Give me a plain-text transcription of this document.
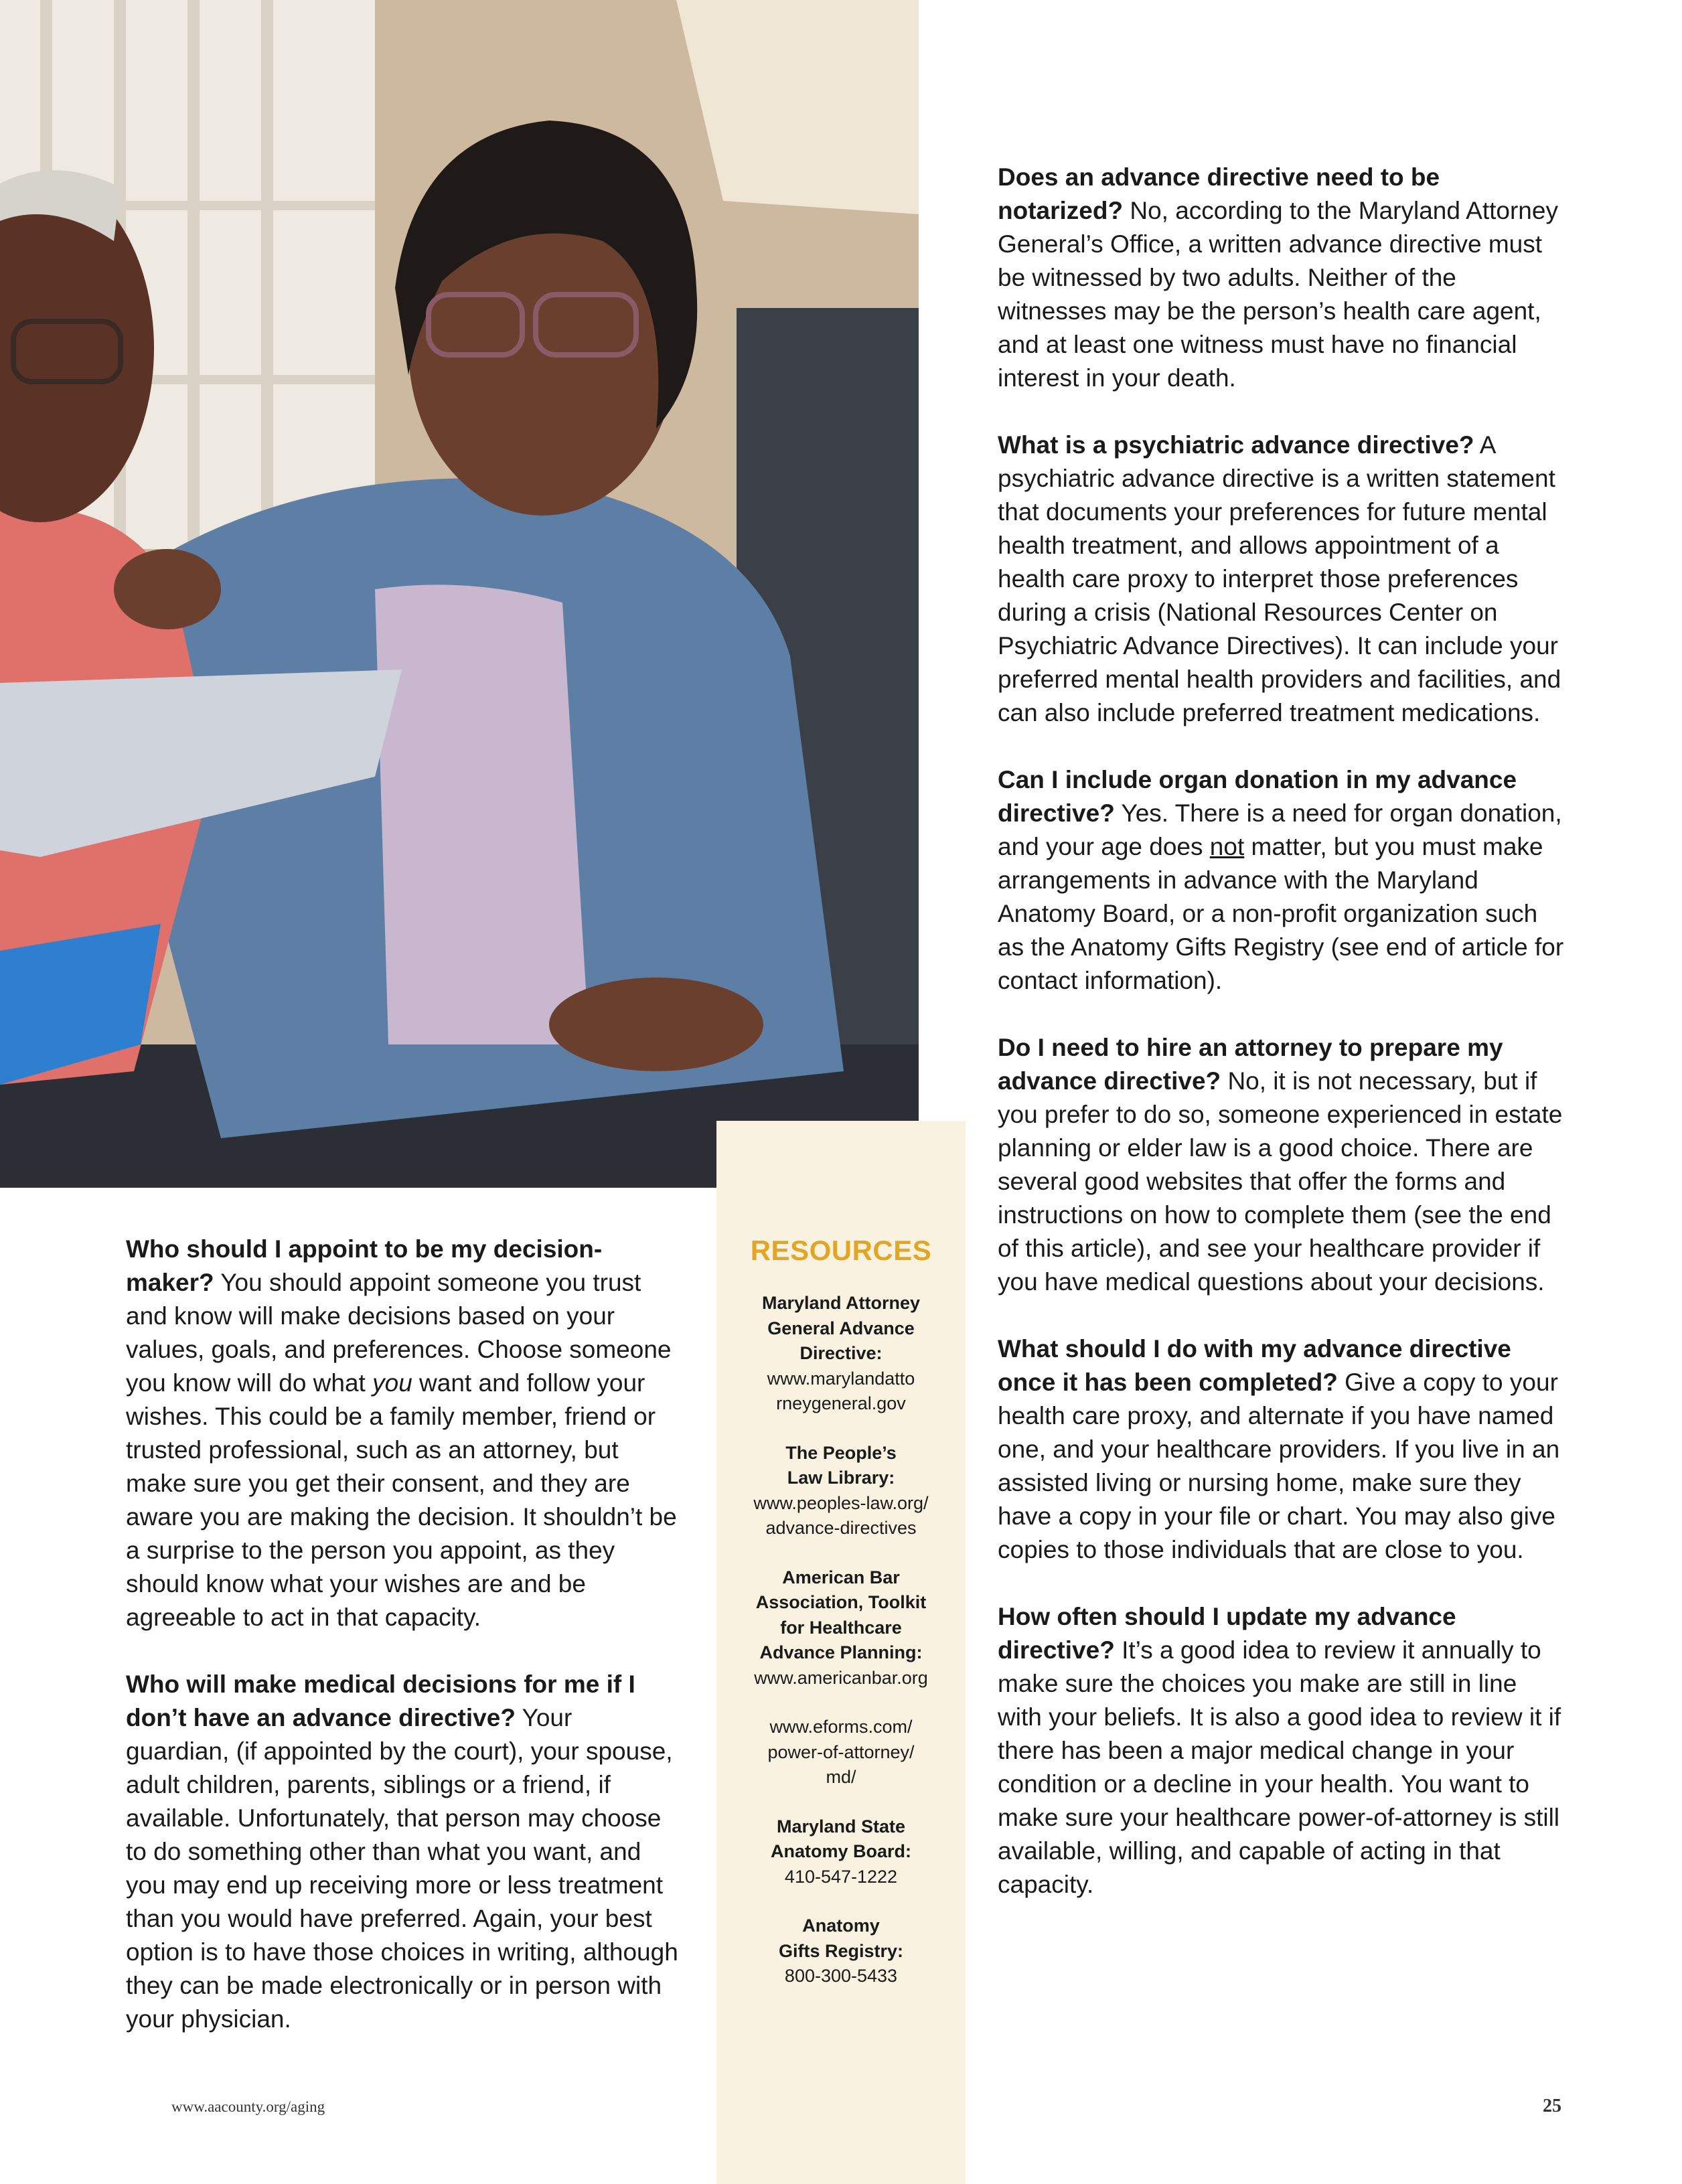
RESOURCES
Maryland Attorney
General Advance
Directive:
www.marylandatto
rneygeneral.gov
The People’s
Law Library:
www.peoples-law.org/
advance-directives
American Bar
Association, Toolkit
for Healthcare
Advance Planning:
www.americanbar.org
www.eforms.com/
power-of-attorney/
md/
Maryland State
Anatomy Board:
410-547-1222
Anatomy
Gifts Registry:
800-300-5433

Who should I appoint to be my decision-maker? You should appoint someone you trust and know will make decisions based on your values, goals, and preferences. Choose someone you know will do what you want and follow your wishes. This could be a family member, friend or trusted professional, such as an attorney, but make sure you get their consent, and they are aware you are making the decision. It shouldn’t be a surprise to the person you appoint, as they should know what your wishes are and be agreeable to act in that capacity.

Who will make medical decisions for me if I don’t have an advance directive? Your guardian, (if appointed by the court), your spouse, adult children, parents, siblings or a friend, if available. Unfortunately, that person may choose to do something other than what you want, and you may end up receiving more or less treatment than you would have preferred. Again, your best option is to have those choices in writing, although they can be made electronically or in person with your physician.

Does an advance directive need to be notarized? No, according to the Maryland Attorney General’s Office, a written advance directive must be witnessed by two adults. Neither of the witnesses may be the person’s health care agent, and at least one witness must have no financial interest in your death.

What is a psychiatric advance directive? A psychiatric advance directive is a written statement that documents your preferences for future mental health treatment, and allows appointment of a health care proxy to interpret those preferences during a crisis (National Resources Center on Psychiatric Advance Directives). It can include your preferred mental health providers and facilities, and can also include preferred treatment medications.

Can I include organ donation in my advance directive? Yes. There is a need for organ donation, and your age does not matter, but you must make arrangements in advance with the Maryland Anatomy Board, or a non-profit organization such as the Anatomy Gifts Registry (see end of article for contact information).

Do I need to hire an attorney to prepare my advance directive? No, it is not necessary, but if you prefer to do so, someone experienced in estate planning or elder law is a good choice. There are several good websites that offer the forms and instructions on how to complete them (see the end of this article), and see your healthcare provider if you have medical questions about your decisions.

What should I do with my advance directive once it has been completed? Give a copy to your health care proxy, and alternate if you have named one, and your healthcare providers. If you live in an assisted living or nursing home, make sure they have a copy in your file or chart. You may also give copies to those individuals that are close to you.

How often should I update my advance directive? It’s a good idea to review it annually to make sure the choices you make are still in line with your beliefs. It is also a good idea to review it if there has been a major medical change in your condition or a decline in your health. You want to make sure your healthcare power-of-attorney is still available, willing, and capable of acting in that capacity.

www.aacounty.org/aging	25
